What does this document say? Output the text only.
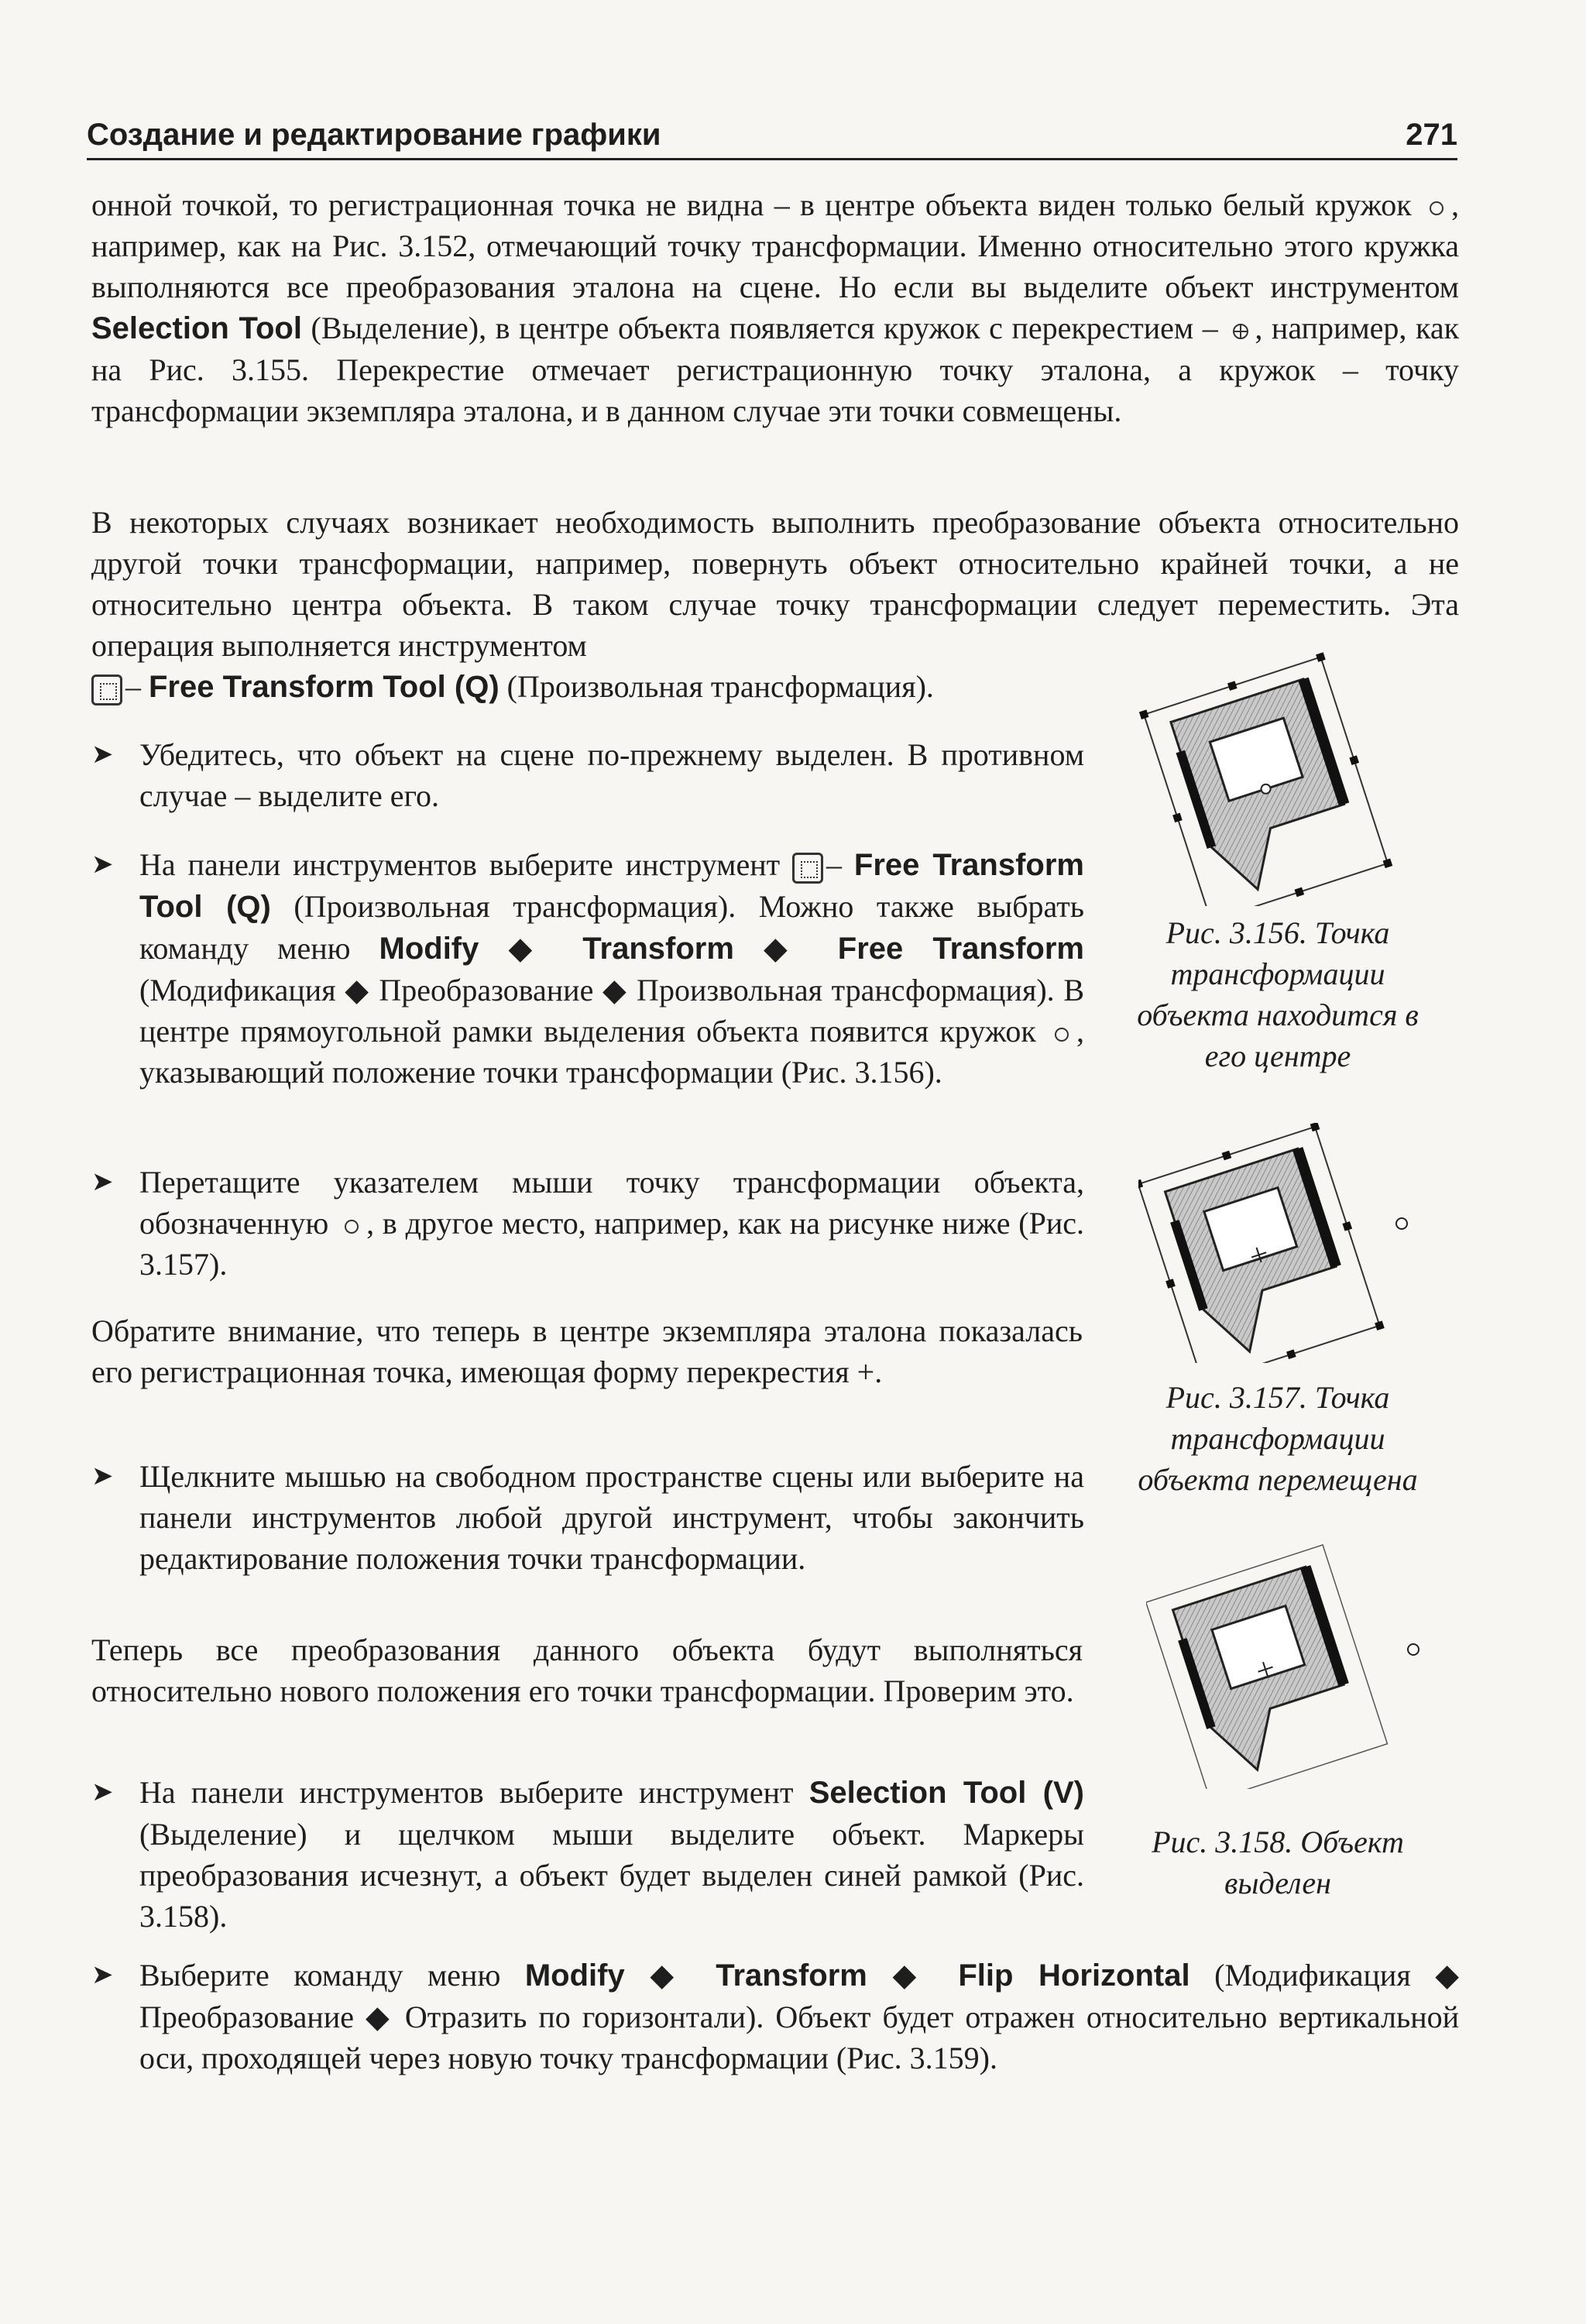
Создание и редактирование графики	271
онной точкой, то регистрационная точка не видна – в центре объекта виден только белый кружок , например, как на Рис. 3.152, отмечающий точку трансформации. Именно относительно этого кружка выполняются все преобразования эталона на сцене. Но если вы выделите объект инструментом Selection Tool (Выделение), в центре объекта появляется кружок с перекрестием – , например, как на Рис. 3.155. Перекрестие отмечает регистрационную точку эталона, а кружок – точку трансформации экземпляра эталона, и в данном случае эти точки совмещены.
В некоторых случаях возникает необходимость выполнить преобразование объекта относительно другой точки трансформации, например, повернуть объект относительно крайней точки, а не относительно центра объекта. В таком случае точку трансформации следует переместить. Эта операция выполняется инструментом
– Free Transform Tool (Q) (Произвольная трансформация).
➤ Убедитесь, что объект на сцене по-прежнему выделен. В противном случае – выделите его.
➤ На панели инструментов выберите инструмент – Free Transform Tool (Q) (Произвольная трансформация). Можно также выбрать команду меню Modify ◆ Transform ◆ Free Transform (Модификация ◆ Преобразование ◆ Произвольная трансформация). В центре прямоугольной рамки выделения объекта появится кружок , указывающий положение точки трансформации (Рис. 3.156).
➤ Перетащите указателем мыши точку трансформации объекта, обозначенную , в другое место, например, как на рисунке ниже (Рис. 3.157).
Обратите внимание, что теперь в центре экземпляра эталона показалась его регистрационная точка, имеющая форму перекрестия +.
➤ Щелкните мышью на свободном пространстве сцены или выберите на панели инструментов любой другой инструмент, чтобы закончить редактирование положения точки трансформации.
Теперь все преобразования данного объекта будут выполняться относительно нового положения его точки трансформации. Проверим это.
➤ На панели инструментов выберите инструмент Selection Tool (V) (Выделение) и щелчком мыши выделите объект. Маркеры преобразования исчезнут, а объект будет выделен синей рамкой (Рис. 3.158).
➤ Выберите команду меню Modify ◆ Transform ◆ Flip Horizontal (Модификация ◆ Преобразование ◆ Отразить по горизонтали). Объект будет отражен относительно вертикальной оси, проходящей через новую точку трансформации (Рис. 3.159).
Рис. 3.156. Точка трансформации объекта находится в его центре
Рис. 3.157. Точка трансформации объекта перемещена
Рис. 3.158. Объект выделен
